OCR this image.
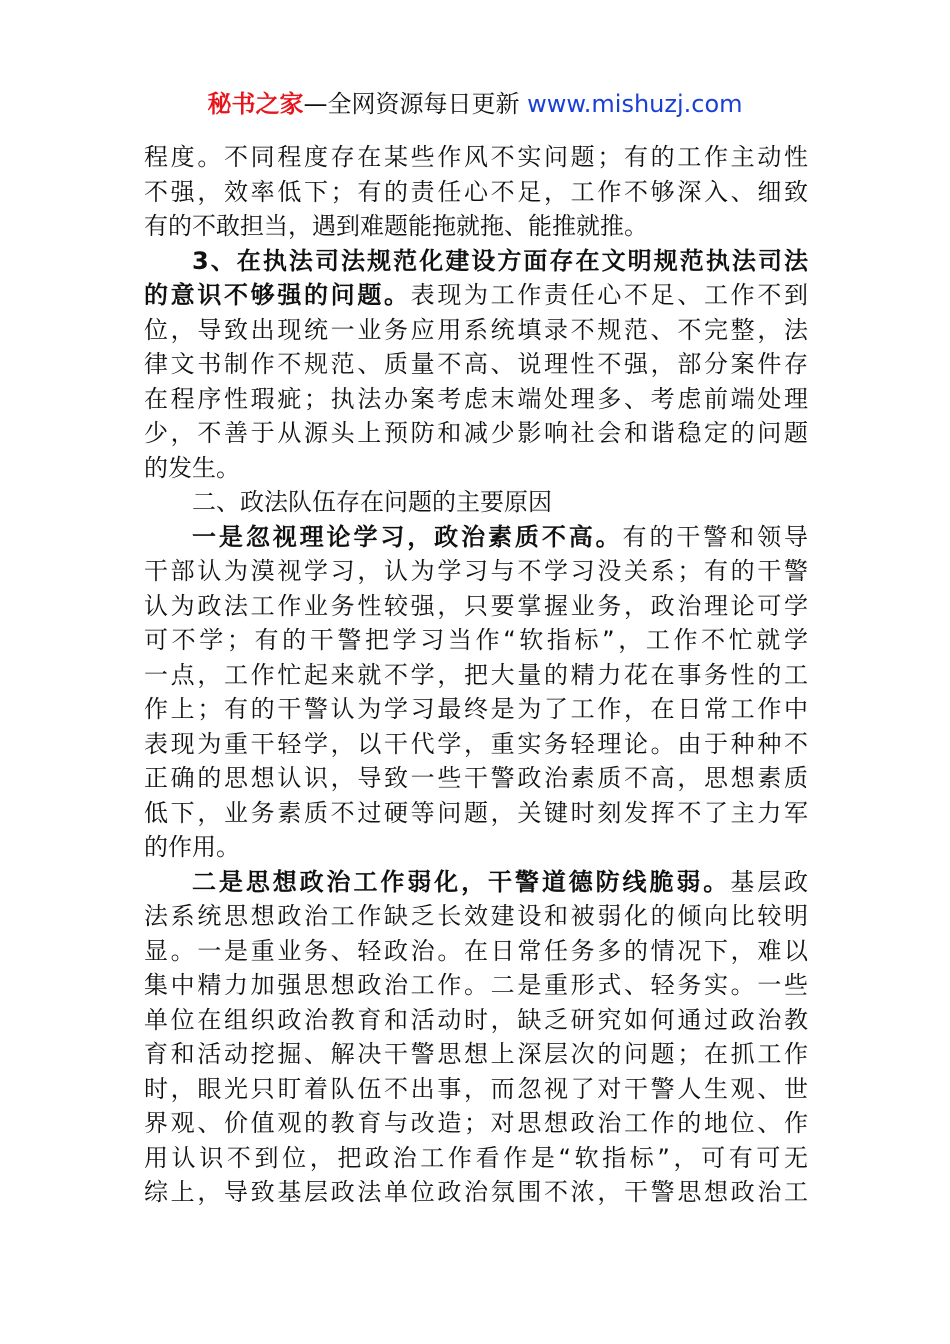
秘书之家—全网资源每日更新 www.mishuzj.com
程度。不同程度存在某些作风不实问题；有的工作主动性
不强，效率低下；有的责任心不足，工作不够深入、细致
有的不敢担当，遇到难题能拖就拖、能推就推。
3、在执法司法规范化建设方面存在文明规范执法司法
的意识不够强的问题。表现为工作责任心不足、工作不到
位，导致出现统一业务应用系统填录不规范、不完整，法
律文书制作不规范、质量不高、说理性不强，部分案件存
在程序性瑕疵；执法办案考虑末端处理多、考虑前端处理
少，不善于从源头上预防和减少影响社会和谐稳定的问题
的发生。
二、政法队伍存在问题的主要原因
一是忽视理论学习，政治素质不高。有的干警和领导
干部认为漠视学习，认为学习与不学习没关系；有的干警
认为政法工作业务性较强，只要掌握业务，政治理论可学
可不学；有的干警把学习当作“软指标”，工作不忙就学
一点，工作忙起来就不学，把大量的精力花在事务性的工
作上；有的干警认为学习最终是为了工作，在日常工作中
表现为重干轻学，以干代学，重实务轻理论。由于种种不
正确的思想认识，导致一些干警政治素质不高，思想素质
低下，业务素质不过硬等问题，关键时刻发挥不了主力军
的作用。
二是思想政治工作弱化，干警道德防线脆弱。基层政
法系统思想政治工作缺乏长效建设和被弱化的倾向比较明
显。一是重业务、轻政治。在日常任务多的情况下，难以
集中精力加强思想政治工作。二是重形式、轻务实。一些
单位在组织政治教育和活动时，缺乏研究如何通过政治教
育和活动挖掘、解决干警思想上深层次的问题；在抓工作
时，眼光只盯着队伍不出事，而忽视了对干警人生观、世
界观、价值观的教育与改造；对思想政治工作的地位、作
用认识不到位，把政治工作看作是“软指标”，可有可无
综上，导致基层政法单位政治氛围不浓，干警思想政治工
